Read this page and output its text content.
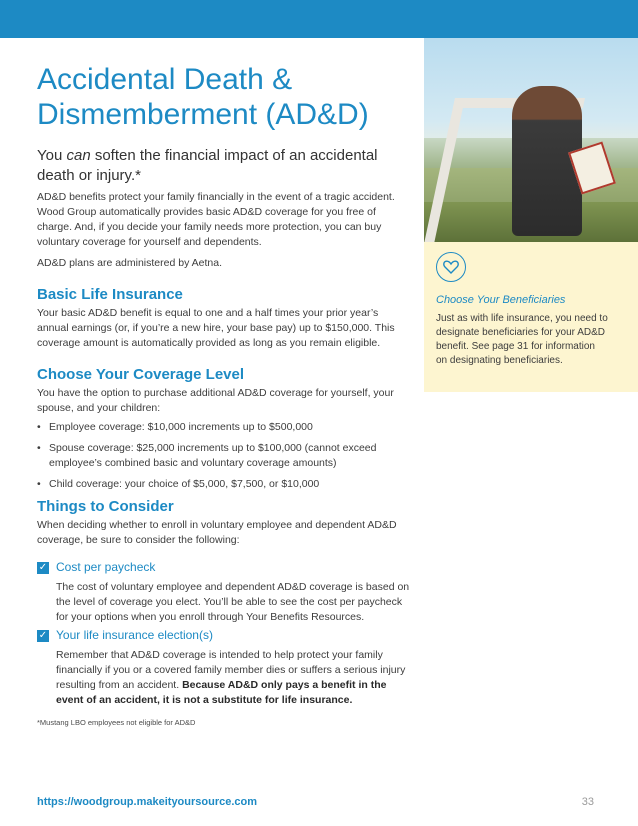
Accidental Death &
Dismemberment (AD&D)
You can soften the financial impact of an accidental death or injury.*
AD&D benefits protect your family financially in the event of a tragic accident. Wood Group automatically provides basic AD&D coverage for you free of charge. And, if you decide your family needs more protection, you can buy voluntary coverage for yourself and dependents.
AD&D plans are administered by Aetna.
Basic Life Insurance
Your basic AD&D benefit is equal to one and a half times your prior year’s annual earnings (or, if you’re a new hire, your base pay) up to $150,000. This coverage amount is automatically provided as long as you remain eligible.
Choose Your Coverage Level
You have the option to purchase additional AD&D coverage for yourself, your spouse, and your children:
• Employee coverage: $10,000 increments up to $500,000
• Spouse coverage: $25,000 increments up to $100,000 (cannot exceed employee’s combined basic and voluntary coverage amounts)
• Child coverage: your choice of $5,000, $7,500, or $10,000
Things to Consider
When deciding whether to enroll in voluntary employee and dependent AD&D coverage, be sure to consider the following:
✓ Cost per paycheck
The cost of voluntary employee and dependent AD&D coverage is based on the level of coverage you elect. You’ll be able to see the cost per paycheck for your options when you enroll through Your Benefits Resources.
✓ Your life insurance election(s)
Remember that AD&D coverage is intended to help protect your family financially if you or a covered family member dies or suffers a serious injury resulting from an accident. Because AD&D only pays a benefit in the event of an accident, it is not a substitute for life insurance.
*Mustang LBO employees not eligible for AD&D
Choose Your Beneficiaries
Just as with life insurance, you need to designate beneficiaries for your AD&D benefit. See page 31 for information on designating beneficiaries.
https://woodgroup.makeityoursource.com	33
